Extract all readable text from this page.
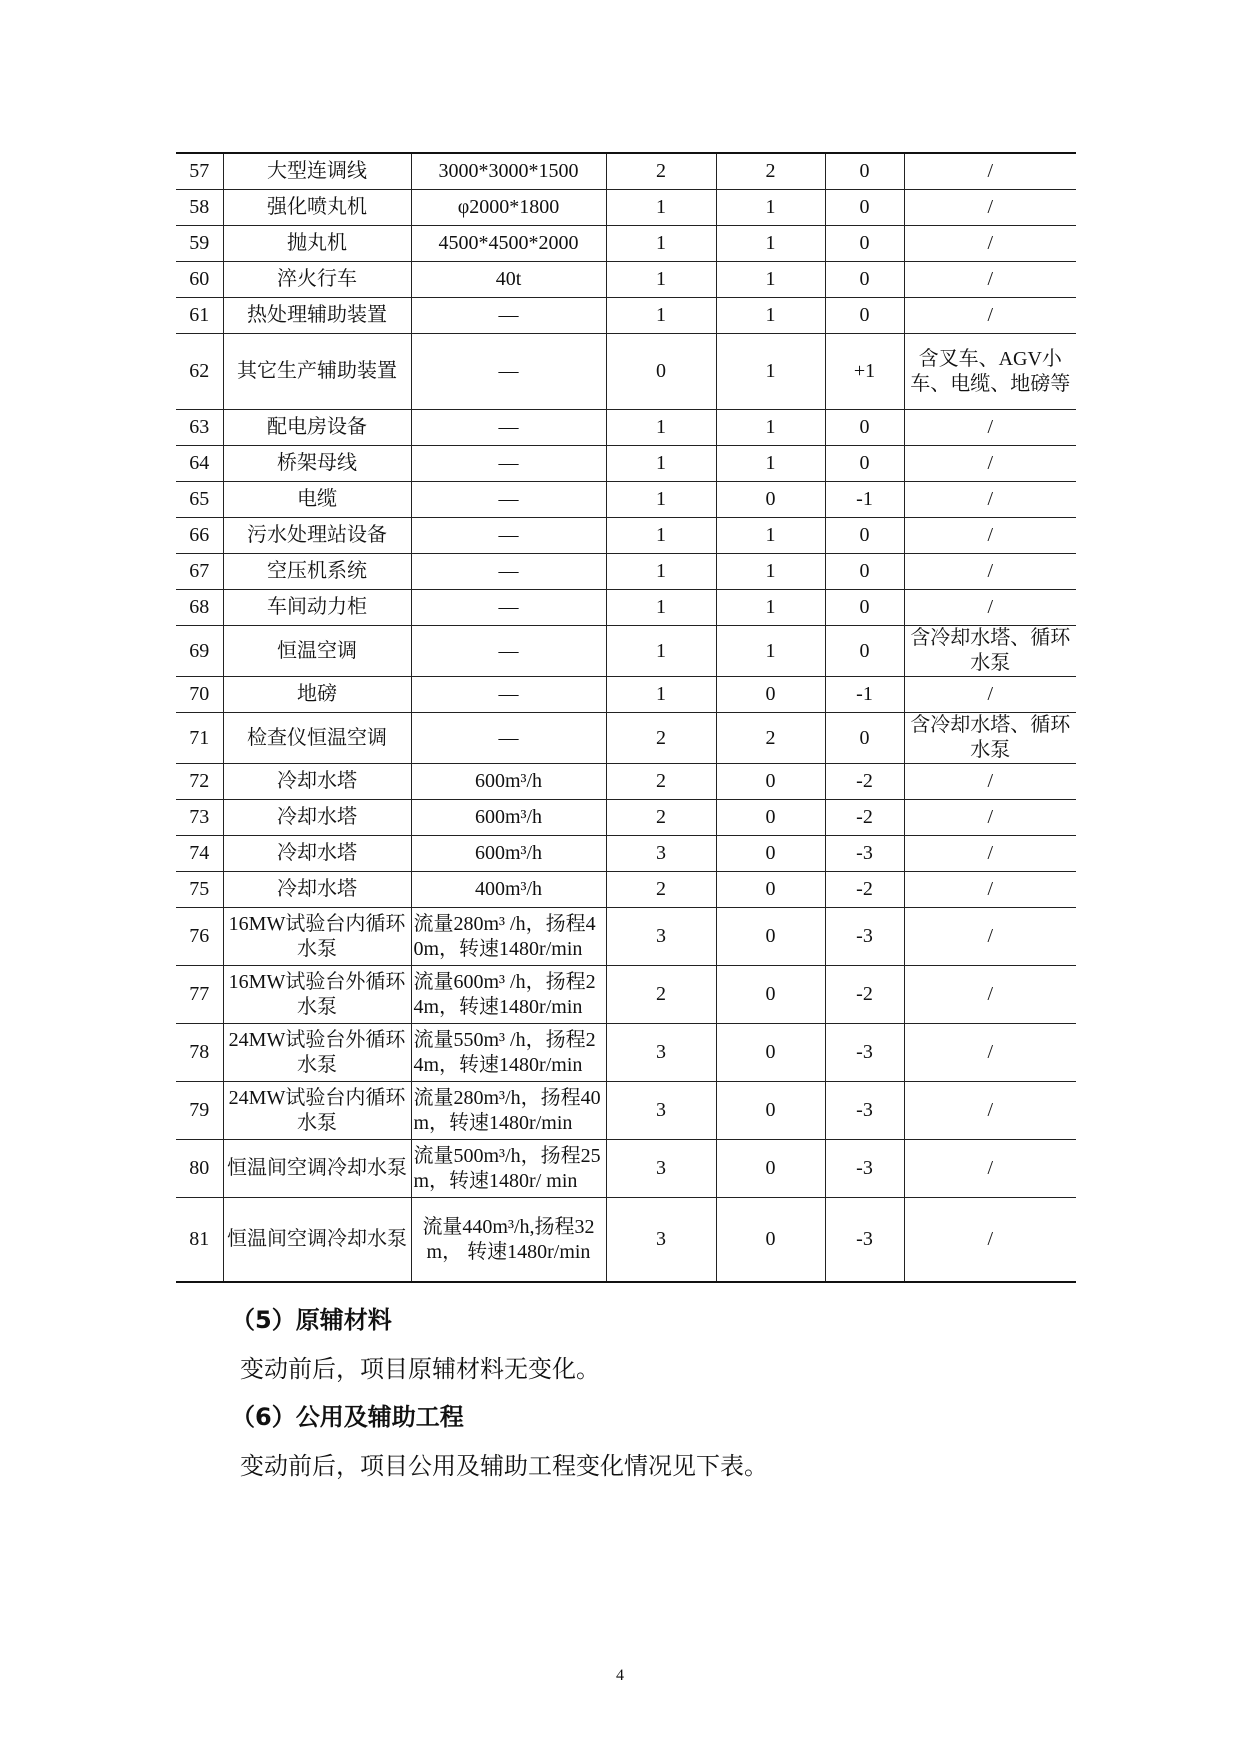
57	大型连调线	3000*3000*1500	2	2	0	/
58	强化喷丸机	φ2000*1800	1	1	0	/
59	抛丸机	4500*4500*2000	1	1	0	/
60	淬火行车	40t	1	1	0	/
61	热处理辅助装置	—	1	1	0	/
62	其它生产辅助装置	—	0	1	+1	含叉车、AGV小车、电缆、地磅等
63	配电房设备	—	1	1	0	/
64	桥架母线	—	1	1	0	/
65	电缆	—	1	0	-1	/
66	污水处理站设备	—	1	1	0	/
67	空压机系统	—	1	1	0	/
68	车间动力柜	—	1	1	0	/
69	恒温空调	—	1	1	0	含冷却水塔、循环水泵
70	地磅	—	1	0	-1	/
71	检查仪恒温空调	—	2	2	0	含冷却水塔、循环水泵
72	冷却水塔	600m³/h	2	0	-2	/
73	冷却水塔	600m³/h	2	0	-2	/
74	冷却水塔	600m³/h	3	0	-3	/
75	冷却水塔	400m³/h	2	0	-2	/
76	16MW试验台内循环水泵	流量280m³ /h，扬程40m，转速1480r/min	3	0	-3	/
77	16MW试验台外循环水泵	流量600m³ /h，扬程24m，转速1480r/min	2	0	-2	/
78	24MW试验台外循环水泵	流量550m³ /h，扬程24m，转速1480r/min	3	0	-3	/
79	24MW试验台内循环水泵	流量280m³/h，扬程40m，转速1480r/min	3	0	-3	/
80	恒温间空调冷却水泵	流量500m³/h，扬程25m，转速1480r/ min	3	0	-3	/
81	恒温间空调冷却水泵	流量440m³/h,扬程32m， 转速1480r/min	3	0	-3	/
（5）原辅材料
变动前后，项目原辅材料无变化。
（6）公用及辅助工程
变动前后，项目公用及辅助工程变化情况见下表。
4
